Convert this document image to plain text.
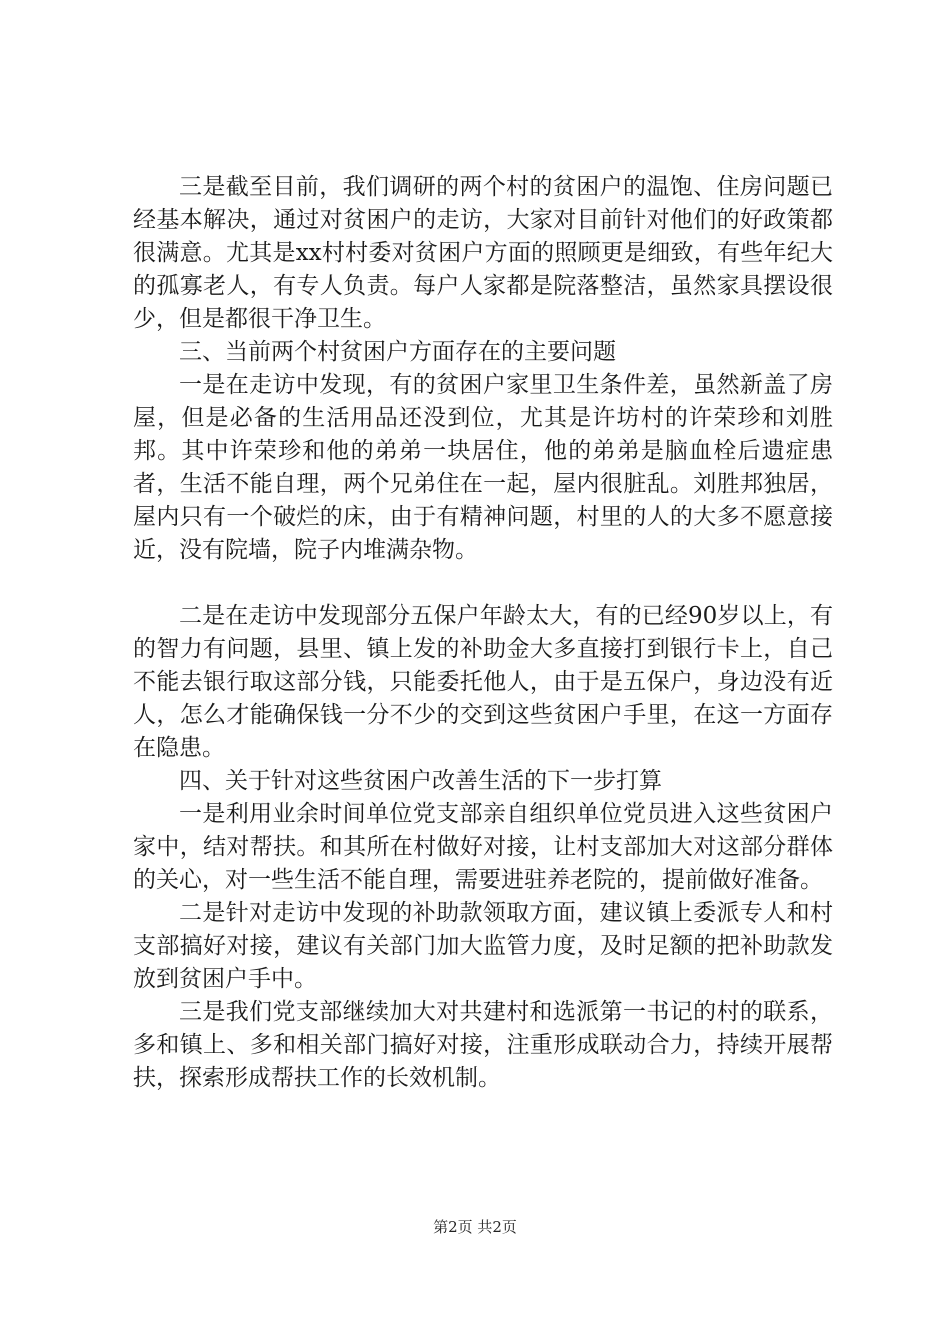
三是截至目前，我们调研的两个村的贫困户的温饱、住房问题已经基本解决，通过对贫困户的走访，大家对目前针对他们的好政策都很满意。尤其是xx村村委对贫困户方面的照顾更是细致，有些年纪大的孤寡老人，有专人负责。每户人家都是院落整洁，虽然家具摆设很少，但是都很干净卫生。

三、当前两个村贫困户方面存在的主要问题

一是在走访中发现，有的贫困户家里卫生条件差，虽然新盖了房屋，但是必备的生活用品还没到位，尤其是许坊村的许荣珍和刘胜邦。其中许荣珍和他的弟弟一块居住，他的弟弟是脑血栓后遗症患者，生活不能自理，两个兄弟住在一起，屋内很脏乱。刘胜邦独居，屋内只有一个破烂的床，由于有精神问题，村里的人的大多不愿意接近，没有院墙，院子内堆满杂物。

二是在走访中发现部分五保户年龄太大，有的已经90岁以上，有的智力有问题，县里、镇上发的补助金大多直接打到银行卡上，自己不能去银行取这部分钱，只能委托他人，由于是五保户，身边没有近人，怎么才能确保钱一分不少的交到这些贫困户手里，在这一方面存在隐患。

四、关于针对这些贫困户改善生活的下一步打算

一是利用业余时间单位党支部亲自组织单位党员进入这些贫困户家中，结对帮扶。和其所在村做好对接，让村支部加大对这部分群体的关心，对一些生活不能自理，需要进驻养老院的，提前做好准备。

二是针对走访中发现的补助款领取方面，建议镇上委派专人和村支部搞好对接，建议有关部门加大监管力度，及时足额的把补助款发放到贫困户手中。

三是我们党支部继续加大对共建村和选派第一书记的村的联系，多和镇上、多和相关部门搞好对接，注重形成联动合力，持续开展帮扶，探索形成帮扶工作的长效机制。

第2页 共2页
